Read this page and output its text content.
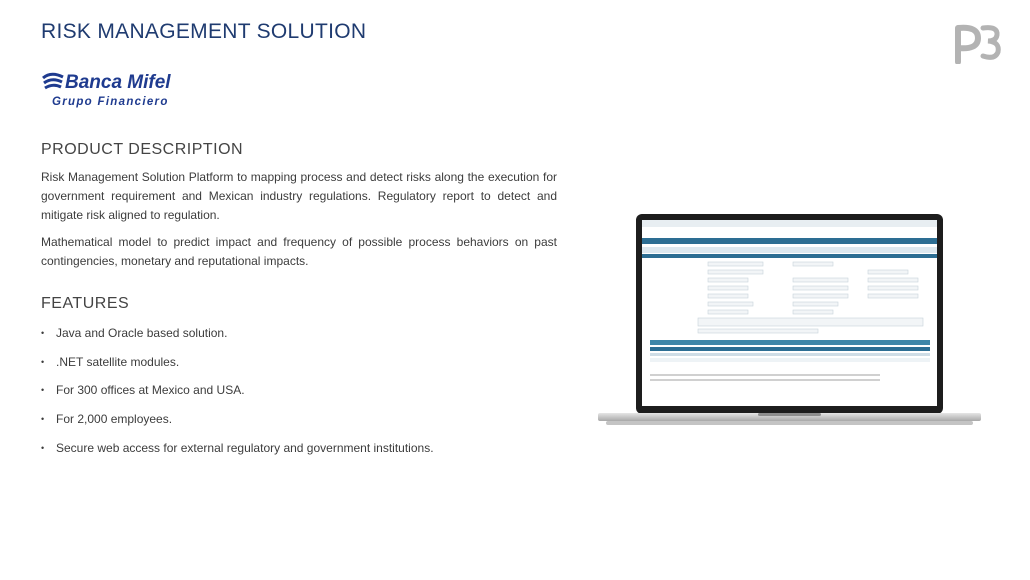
RISK MANAGEMENT SOLUTION
Banca Mifel
Grupo Financiero
PRODUCT DESCRIPTION

Risk Management Solution Platform to mapping process and detect risks along the execution for government requirement and Mexican industry regulations. Regulatory report to detect and mitigate risk aligned to regulation.

Mathematical model to predict impact and frequency of possible process behaviors on past contingencies, monetary and reputational impacts.

FEATURES
• Java and Oracle based solution.
• .NET satellite modules.
• For 300 offices at Mexico and USA.
• For 2,000 employees.
• Secure web access for external regulatory and government institutions.
